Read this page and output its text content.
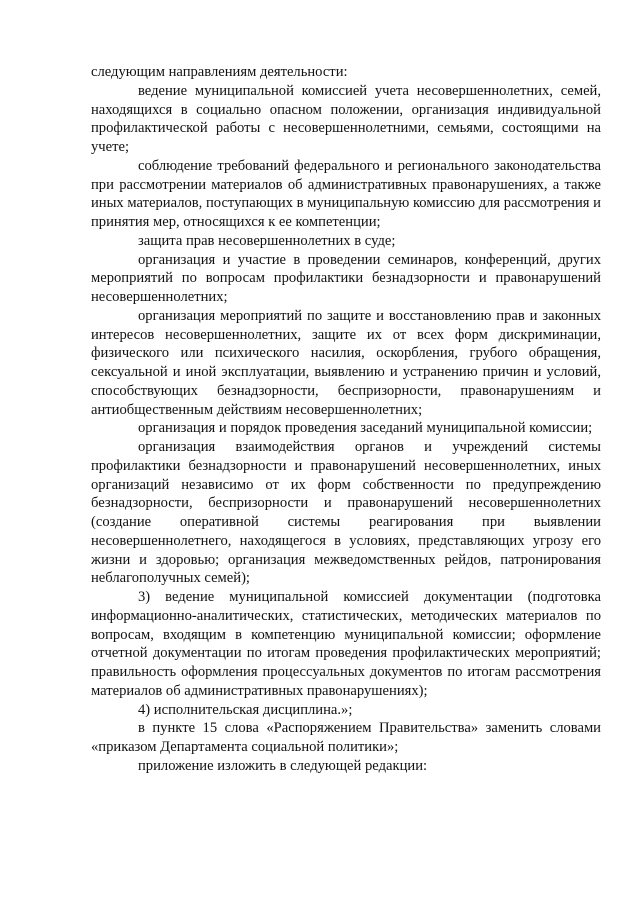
следующим направлениям деятельности:

ведение муниципальной комиссией учета несовершеннолетних, семей, находящихся в социально опасном положении, организация индивидуальной профилактической работы с несовершеннолетними, семьями, состоящими на учете;

соблюдение требований федерального и регионального законодательства при рассмотрении материалов об административных правонарушениях, а также иных материалов, поступающих в муниципальную комиссию для рассмотрения и принятия мер, относящихся к ее компетенции;

защита прав несовершеннолетних в суде;

организация и участие в проведении семинаров, конференций, других мероприятий по вопросам профилактики безнадзорности и правонарушений несовершеннолетних;

организация мероприятий по защите и восстановлению прав и законных интересов несовершеннолетних, защите их от всех форм дискриминации, физического или психического насилия, оскорбления, грубого обращения, сексуальной и иной эксплуатации, выявлению и устранению причин и условий, способствующих безнадзорности, беспризорности, правонарушениям и антиобщественным действиям несовершеннолетних;

организация и порядок проведения заседаний муниципальной комиссии;

организация взаимодействия органов и учреждений системы профилактики безнадзорности и правонарушений несовершеннолетних, иных организаций независимо от их форм собственности по предупреждению безнадзорности, беспризорности и правонарушений несовершеннолетних (создание оперативной системы реагирования при выявлении несовершеннолетнего, находящегося в условиях, представляющих угрозу его жизни и здоровью; организация межведомственных рейдов, патронирования неблагополучных семей);

3) ведение муниципальной комиссией документации (подготовка информационно-аналитических, статистических, методических материалов по вопросам, входящим в компетенцию муниципальной комиссии; оформление отчетной документации по итогам проведения профилактических мероприятий; правильность оформления процессуальных документов по итогам рассмотрения материалов об административных правонарушениях);

4) исполнительская дисциплина.»;

в пункте 15 слова «Распоряжением Правительства» заменить словами «приказом Департамента социальной политики»;

приложение изложить в следующей редакции:
